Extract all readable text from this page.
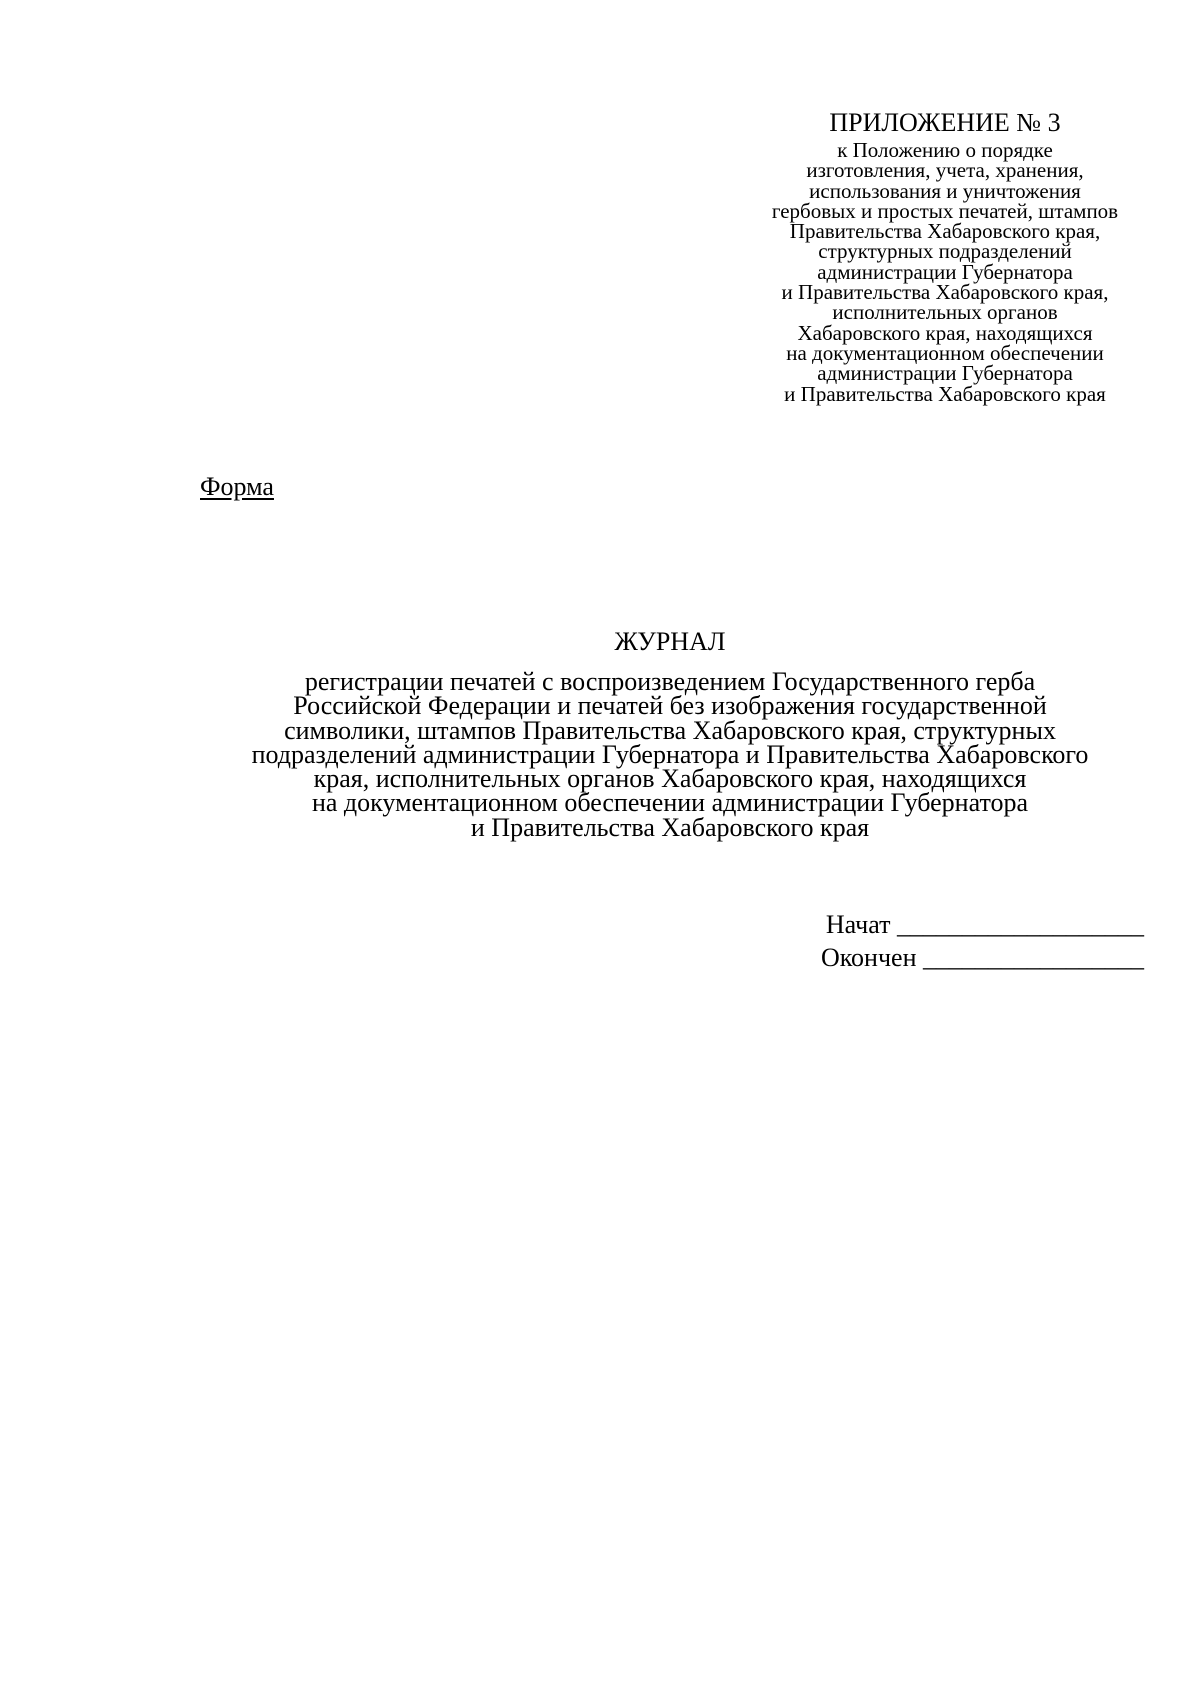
ПРИЛОЖЕНИЕ № 3
к Положению о порядке
изготовления, учета, хранения,
использования и уничтожения
гербовых и простых печатей, штампов
Правительства Хабаровского края,
структурных подразделений
администрации Губернатора
и Правительства Хабаровского края,
исполнительных органов
Хабаровского края, находящихся
на документационном обеспечении
администрации Губернатора
и Правительства Хабаровского края
Форма
ЖУРНАЛ
регистрации печатей с воспроизведением Государственного герба
Российской Федерации и печатей без изображения государственной
символики, штампов Правительства Хабаровского края, структурных
подразделений администрации Губернатора и Правительства Хабаровского
края, исполнительных органов Хабаровского края, находящихся
на документационном обеспечении администрации Губернатора
и Правительства Хабаровского края
Начат ___________________
Окончен _________________
